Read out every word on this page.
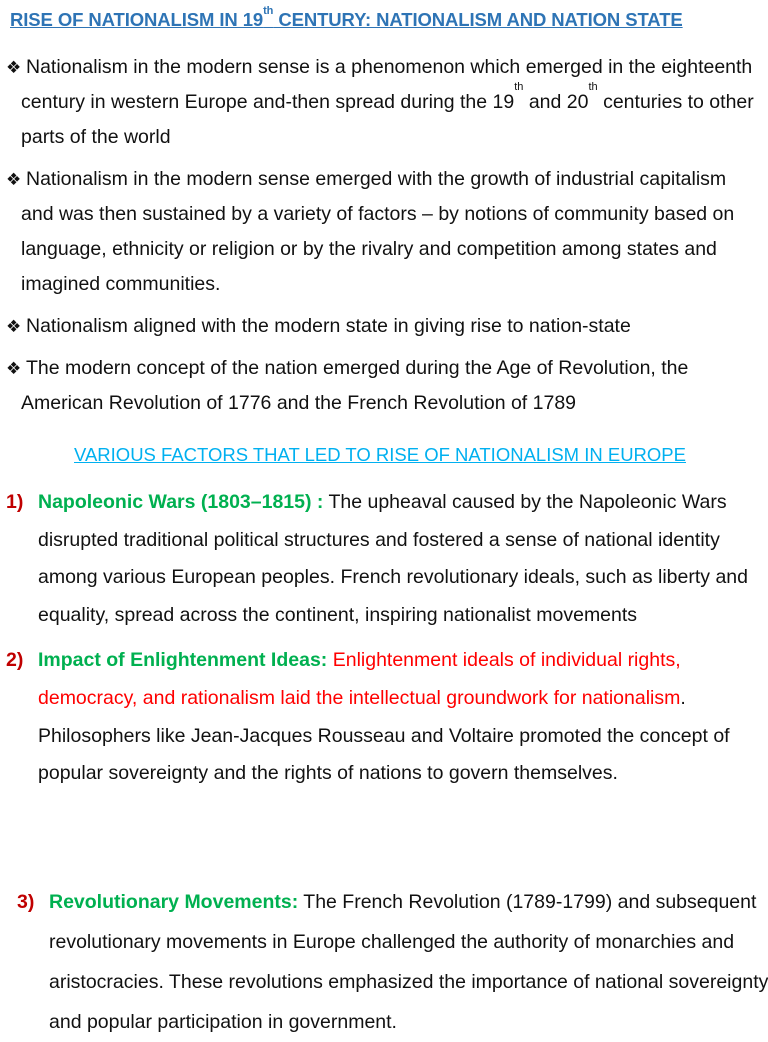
RISE OF NATIONALISM IN 19th CENTURY: NATIONALISM AND NATION STATE
❖ Nationalism in the modern sense is a phenomenon which emerged in the eighteenth century in western Europe and-then spread during the 19th and 20th centuries to other parts of the world
❖ Nationalism in the modern sense emerged with the growth of industrial capitalism and was then sustained by a variety of factors – by notions of community based on language, ethnicity or religion or by the rivalry and competition among states and imagined communities.
❖ Nationalism aligned with the modern state in giving rise to nation-state
❖ The modern concept of the nation emerged during the Age of Revolution, the American Revolution of 1776 and the French Revolution of 1789
VARIOUS FACTORS THAT LED TO RISE OF NATIONALISM IN EUROPE
1) Napoleonic Wars (1803–1815) : The upheaval caused by the Napoleonic Wars disrupted traditional political structures and fostered a sense of national identity among various European peoples. French revolutionary ideals, such as liberty and equality, spread across the continent, inspiring nationalist movements
2) Impact of Enlightenment Ideas: Enlightenment ideals of individual rights, democracy, and rationalism laid the intellectual groundwork for nationalism. Philosophers like Jean-Jacques Rousseau and Voltaire promoted the concept of popular sovereignty and the rights of nations to govern themselves.
3) Revolutionary Movements: The French Revolution (1789-1799) and subsequent revolutionary movements in Europe challenged the authority of monarchies and aristocracies. These revolutions emphasized the importance of national sovereignty and popular participation in government.
